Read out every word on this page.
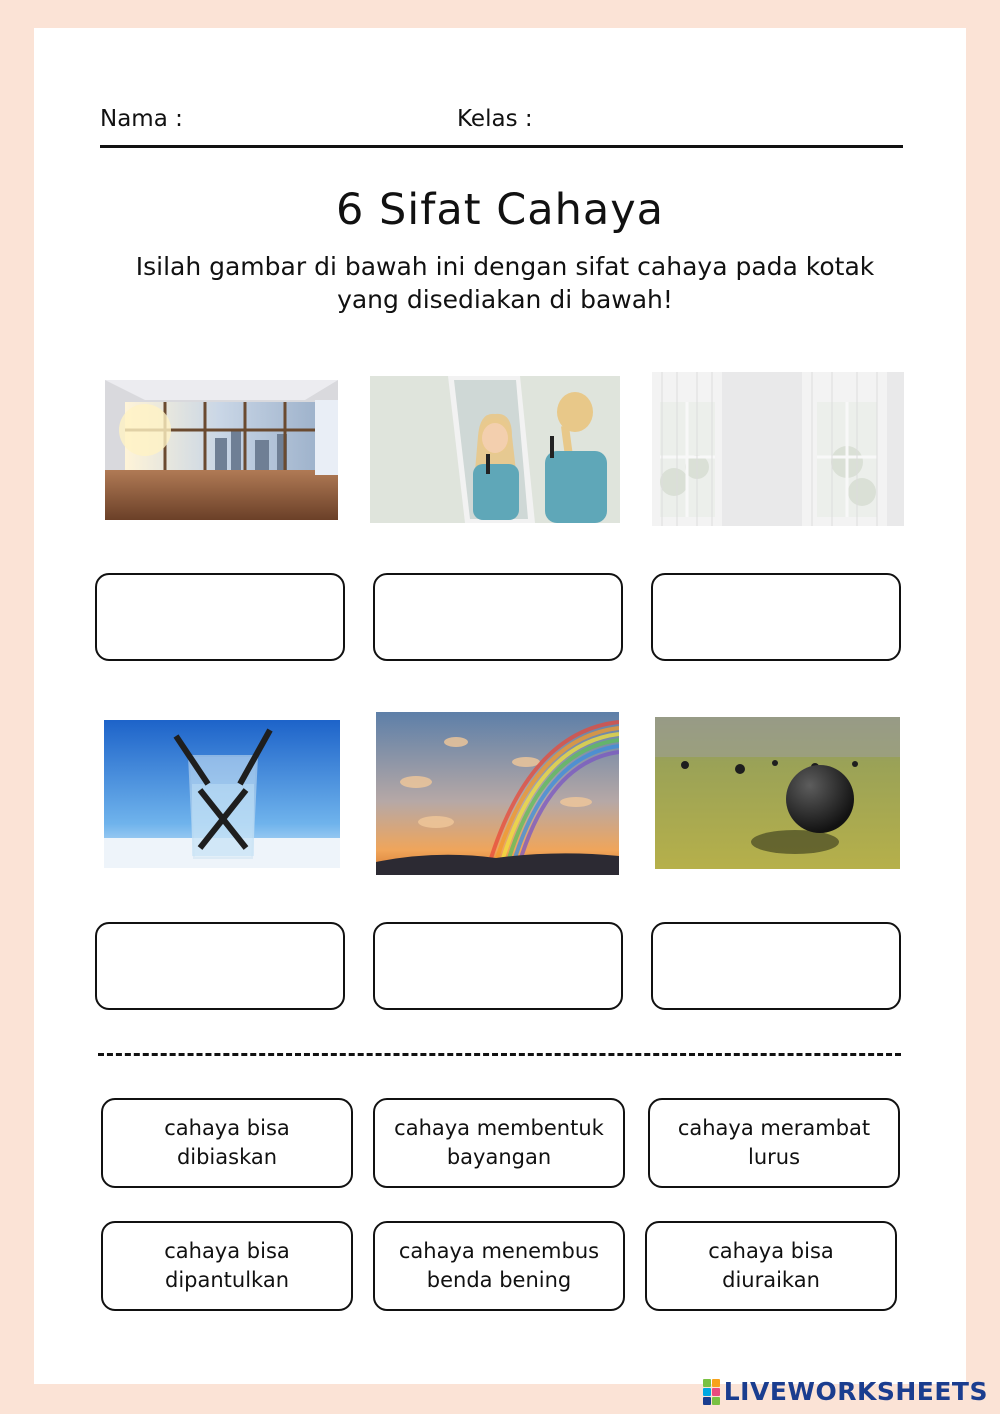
Nama :	Kelas :
6 Sifat Cahaya
Isilah gambar di bawah ini dengan sifat cahaya pada kotak
yang disediakan di bawah!
cahaya bisa
dibiaskan
cahaya membentuk
bayangan
cahaya merambat
lurus
cahaya bisa
dipantulkan
cahaya menembus
benda bening
cahaya bisa
diuraikan
LIVEWORKSHEETS
